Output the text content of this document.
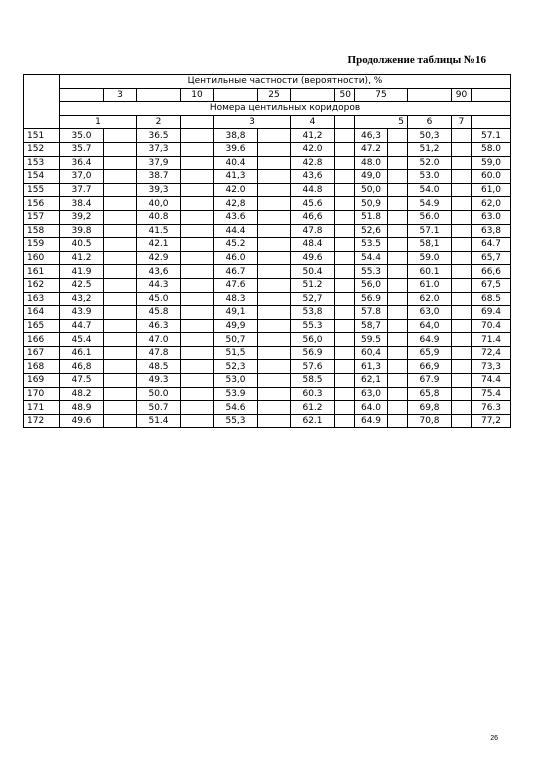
Продолжение таблицы №16
	Центильные частности (вероятности), %													
		3		10		25		50	75			90		
	Номера центильных коридоров													
	1		2		3		4		5		6	7		
151	35.0		36.5		38,8		41,2		46,3		50,3		57.1	
152	35.7		37,3		39.6		42.0		47.2		51,2		58.0	
153	36.4		37,9		40.4		42.8		48.0		52.0		59,0	
154	37,0		38.7		41,3		43,6		49,0		53.0		60.0	
155	37.7		39,3		42.0		44.8		50,0		54.0		61,0	
156	38.4		40,0		42,8		45.6		50,9		54.9		62,0	
157	39,2		40.8		43.6		46,6		51.8		56.0		63.0	
158	39.8		41.5		44.4		47.8		52,6		57.1		63,8	
159	40.5		42.1		45.2		48.4		53.5		58,1		64.7	
160	41.2		42.9		46.0		49.6		54.4		59.0		65,7	
161	41.9		43,6		46.7		50.4		55.3		60.1		66,6	
162	42.5		44.3		47.6		51.2		56,0		61.0		67,5	
163	43,2		45.0		48.3		52,7		56.9		62.0		68.5	
164	43.9		45.8		49,1		53,8		57.8		63,0		69.4	
165	44.7		46.3		49,9		55.3		58,7		64,0		70.4	
166	45.4		47.0		50,7		56,0		59.5		64.9		71.4	
167	46.1		47.8		51,5		56.9		60,4		65,9		72,4	
168	46,8		48.5		52,3		57.6		61,3		66,9		73,3	
169	47.5		49.3		53,0		58.5		62,1		67.9		74.4	
170	48.2		50.0		53.9		60.3		63,0		65,8		75.4	
171	48.9		50.7		54.6		61.2		64.0		69,8		76.3	
172	49.6		51.4		55,3		62.1		64.9		70,8		77,2	
26
